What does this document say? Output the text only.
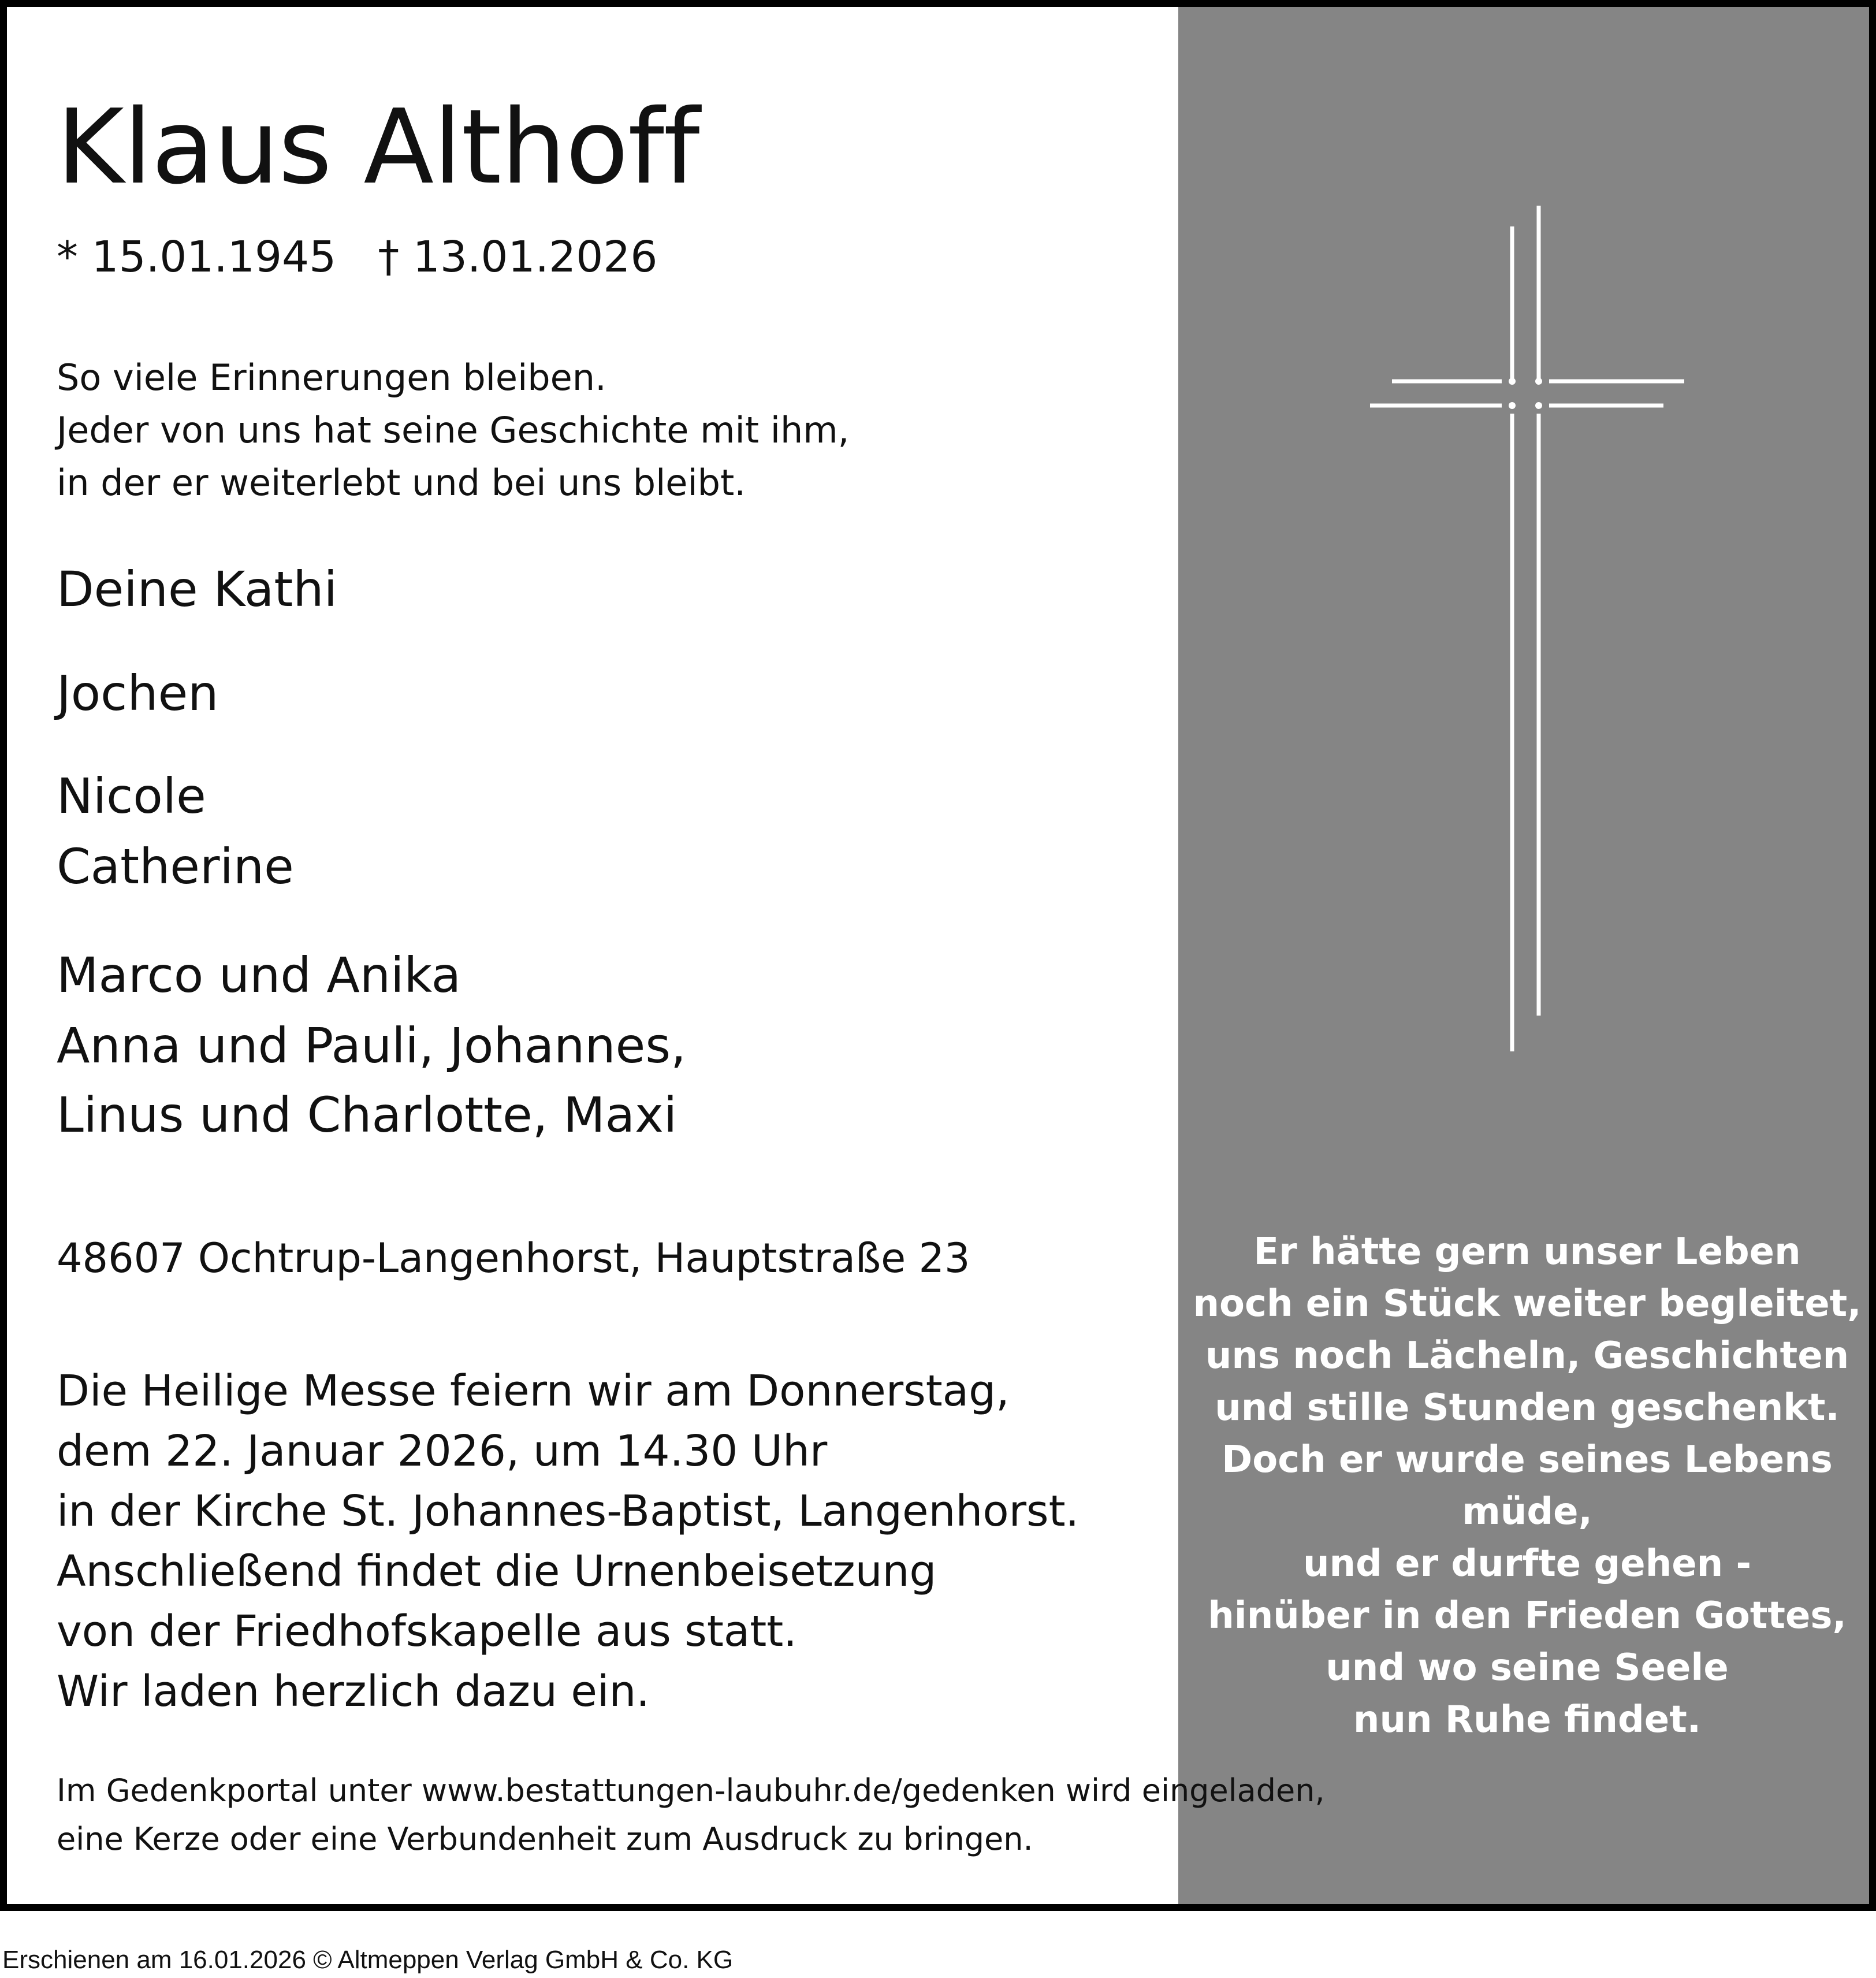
Klaus Althoff
* 15.01.1945 † 13.01.2026
So viele Erinnerungen bleiben.
Jeder von uns hat seine Geschichte mit ihm,
in der er weiterlebt und bei uns bleibt.
Deine Kathi
Jochen
Nicole
Catherine
Marco und Anika
Anna und Pauli, Johannes,
Linus und Charlotte, Maxi
48607 Ochtrup-Langenhorst, Hauptstraße 23
Die Heilige Messe feiern wir am Donnerstag,
dem 22. Januar 2026, um 14.30 Uhr
in der Kirche St. Johannes-Baptist, Langenhorst.
Anschließend findet die Urnenbeisetzung
von der Friedhofskapelle aus statt.
Wir laden herzlich dazu ein.
Im Gedenkportal unter www.bestattungen-laubuhr.de/gedenken wird eingeladen,
eine Kerze oder eine Verbundenheit zum Ausdruck zu bringen.
Er hätte gern unser Leben
noch ein Stück weiter begleitet,
uns noch Lächeln, Geschichten
und stille Stunden geschenkt.
Doch er wurde seines Lebens müde,
und er durfte gehen -
hinüber in den Frieden Gottes,
und wo seine Seele
nun Ruhe findet.
Erschienen am 16.01.2026 © Altmeppen Verlag GmbH & Co. KG
